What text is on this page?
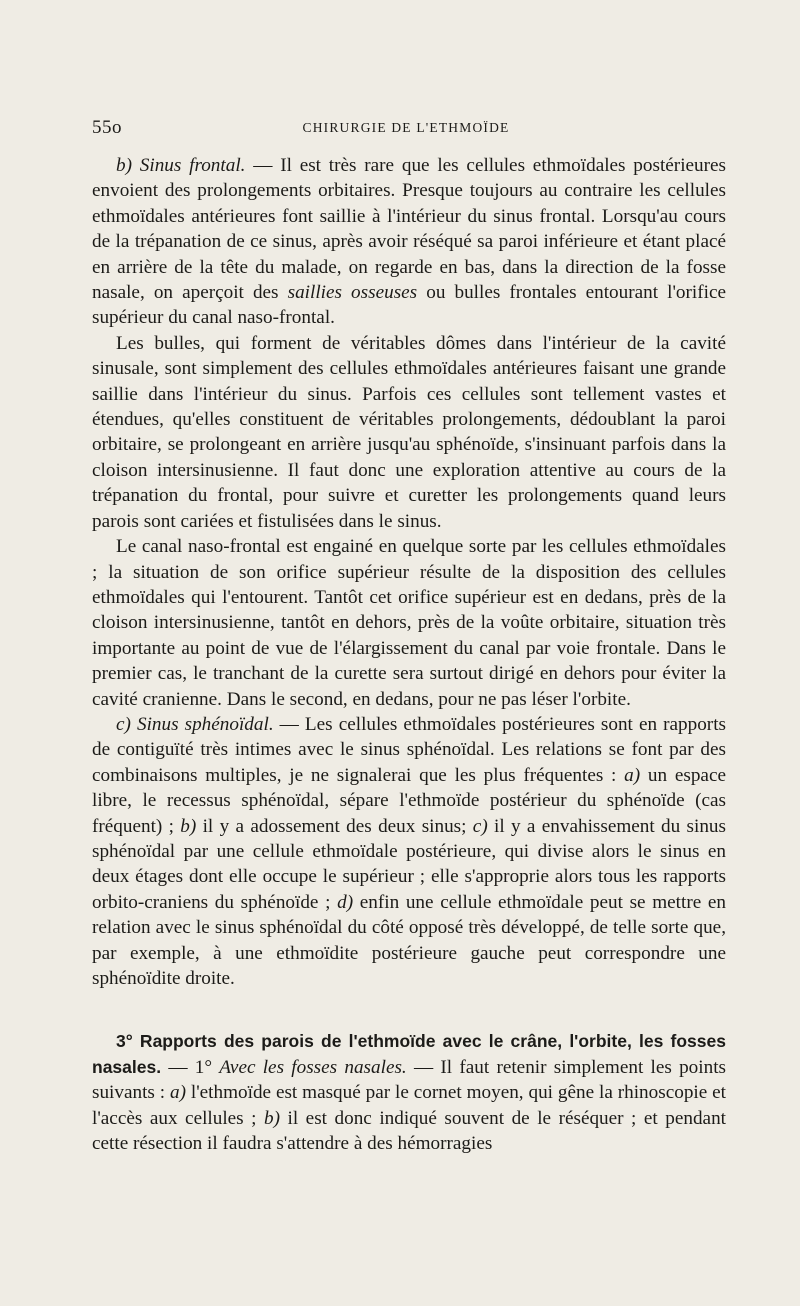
55o	CHIRURGIE DE L'ETHMOÏDE

b) Sinus frontal. — Il est très rare que les cellules ethmoïdales postérieures envoient des prolongements orbitaires. Presque toujours au contraire les cellules ethmoïdales antérieures font saillie à l'intérieur du sinus frontal. Lorsqu'au cours de la trépanation de ce sinus, après avoir réséqué sa paroi inférieure et étant placé en arrière de la tête du malade, on regarde en bas, dans la direction de la fosse nasale, on aperçoit des saillies osseuses ou bulles frontales entourant l'orifice supérieur du canal naso-frontal.

Les bulles, qui forment de véritables dômes dans l'intérieur de la cavité sinusale, sont simplement des cellules ethmoïdales antérieures faisant une grande saillie dans l'intérieur du sinus. Parfois ces cellules sont tellement vastes et étendues, qu'elles constituent de véritables prolongements, dédoublant la paroi orbitaire, se prolongeant en arrière jusqu'au sphénoïde, s'insinuant parfois dans la cloison intersinusienne. Il faut donc une exploration attentive au cours de la trépanation du frontal, pour suivre et curetter les prolongements quand leurs parois sont cariées et fistulisées dans le sinus.

Le canal naso-frontal est engainé en quelque sorte par les cellules ethmoïdales ; la situation de son orifice supérieur résulte de la disposition des cellules ethmoïdales qui l'entourent. Tantôt cet orifice supérieur est en dedans, près de la cloison intersinusienne, tantôt en dehors, près de la voûte orbitaire, situation très importante au point de vue de l'élargissement du canal par voie frontale. Dans le premier cas, le tranchant de la curette sera surtout dirigé en dehors pour éviter la cavité cranienne. Dans le second, en dedans, pour ne pas léser l'orbite.

c) Sinus sphénoïdal. — Les cellules ethmoïdales postérieures sont en rapports de contiguïté très intimes avec le sinus sphénoïdal. Les relations se font par des combinaisons multiples, je ne signalerai que les plus fréquentes : a) un espace libre, le recessus sphénoïdal, sépare l'ethmoïde postérieur du sphénoïde (cas fréquent) ; b) il y a adossement des deux sinus; c) il y a envahissement du sinus sphénoïdal par une cellule ethmoïdale postérieure, qui divise alors le sinus en deux étages dont elle occupe le supérieur ; elle s'approprie alors tous les rapports orbito-craniens du sphénoïde ; d) enfin une cellule ethmoïdale peut se mettre en relation avec le sinus sphénoïdal du côté opposé très développé, de telle sorte que, par exemple, à une ethmoïdite postérieure gauche peut correspondre une sphénoïdite droite.

3° Rapports des parois de l'ethmoïde avec le crâne, l'orbite, les fosses nasales. — 1° Avec les fosses nasales. — Il faut retenir simplement les points suivants : a) l'ethmoïde est masqué par le cornet moyen, qui gêne la rhinoscopie et l'accès aux cellules ; b) il est donc indiqué souvent de le réséquer ; et pendant cette résection il faudra s'attendre à des hémorragies
